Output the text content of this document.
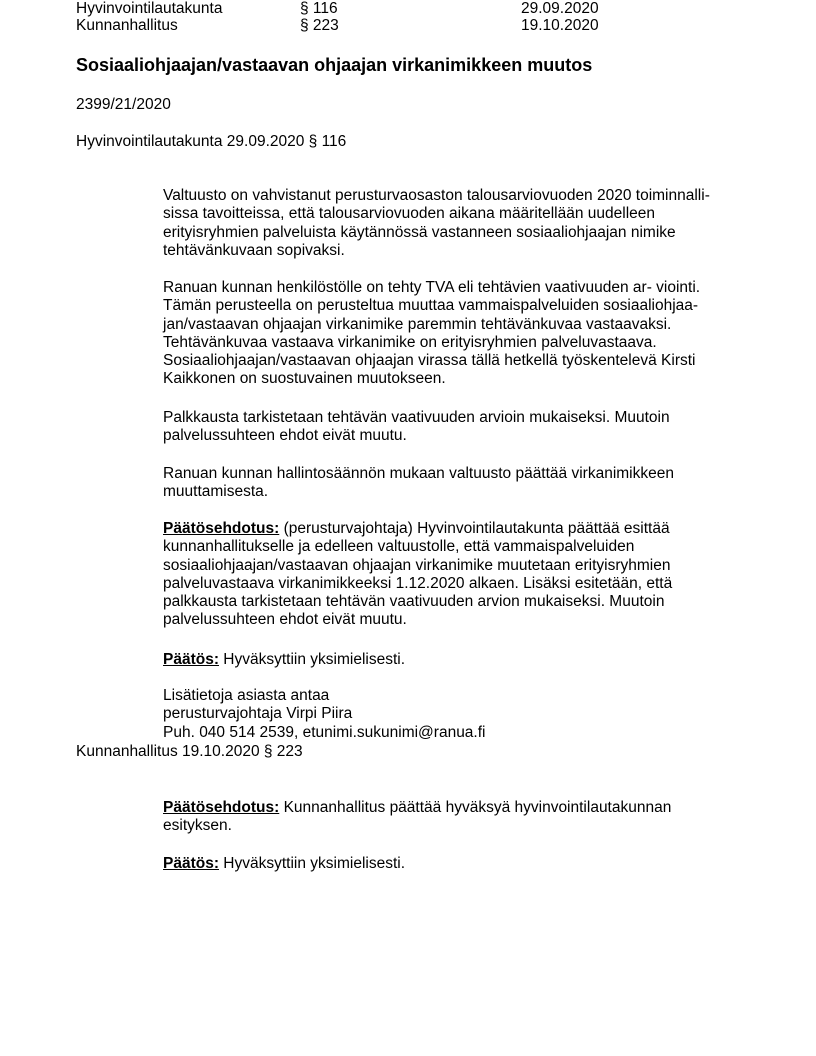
Hyvinvointilautakunta	§ 116	29.09.2020
Kunnanhallitus	§ 223	19.10.2020
Sosiaaliohjaajan/vastaavan ohjaajan virkanimikkeen muutos
2399/21/2020
Hyvinvointilautakunta 29.09.2020 § 116
Valtuusto on vahvistanut perusturvaosaston talousarviovuoden 2020 toiminnalli-
sissa tavoitteissa, että talousarviovuoden aikana määritellään uudelleen
erityisryhmien palveluista käytännössä vastanneen sosiaaliohjaajan nimike
tehtävänkuvaan sopivaksi.
Ranuan kunnan henkilöstölle on tehty TVA eli tehtävien vaativuuden ar- viointi.
Tämän perusteella on perusteltua muuttaa vammaispalveluiden sosiaaliohjaa-
jan/vastaavan ohjaajan virkanimike paremmin tehtävänkuvaa vastaavaksi.
Tehtävänkuvaa vastaava virkanimike on erityisryhmien palveluvastaava.
Sosiaaliohjaajan/vastaavan ohjaajan virassa tällä hetkellä työskentelevä Kirsti
Kaikkonen on suostuvainen muutokseen.
Palkkausta tarkistetaan tehtävän vaativuuden arvioin mukaiseksi. Muutoin
palvelussuhteen ehdot eivät muutu.
Ranuan kunnan hallintosäännön mukaan valtuusto päättää virkanimikkeen
muuttamisesta.
Päätösehdotus: (perusturvajohtaja) Hyvinvointilautakunta päättää esittää
kunnanhallitukselle ja edelleen valtuustolle, että vammaispalveluiden
sosiaaliohjaajan/vastaavan ohjaajan virkanimike muutetaan erityisryhmien
palveluvastaava virkanimikkeeksi 1.12.2020 alkaen. Lisäksi esitetään, että
palkkausta tarkistetaan tehtävän vaativuuden arvion mukaiseksi. Muutoin
palvelussuhteen ehdot eivät muutu.
Päätös: Hyväksyttiin yksimielisesti.
Lisätietoja asiasta antaa
perusturvajohtaja Virpi Piira
Puh. 040 514 2539, etunimi.sukunimi@ranua.fi
Kunnanhallitus 19.10.2020 § 223
Päätösehdotus: Kunnanhallitus päättää hyväksyä hyvinvointilautakunnan
esityksen.
Päätös: Hyväksyttiin yksimielisesti.
